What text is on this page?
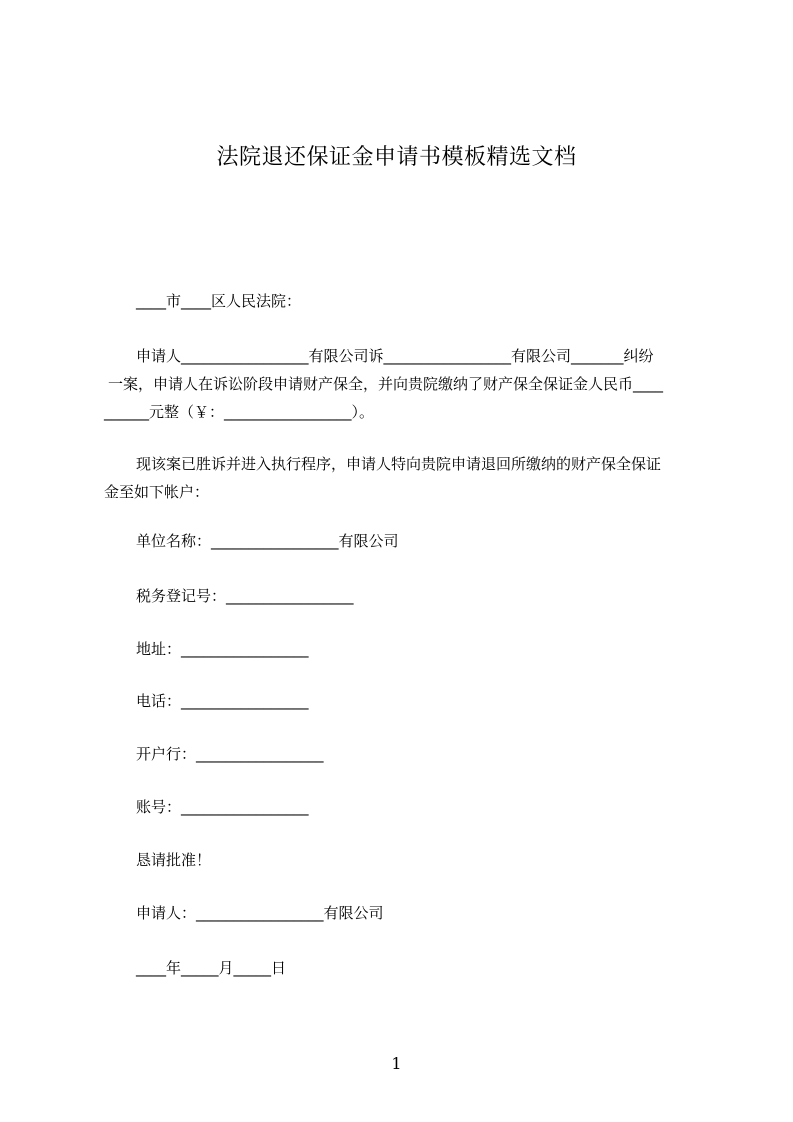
法院退还保证金申请书模板精选文档
____市____区人民法院：
申请人_________________有限公司诉_________________有限公司_______纠纷
一案，申请人在诉讼阶段申请财产保全，并向贵院缴纳了财产保全保证金人民币____
______元整（￥：_________________）。
现该案已胜诉并进入执行程序，申请人特向贵院申请退回所缴纳的财产保全保证
金至如下帐户：
单位名称：_________________有限公司
税务登记号：_________________
地址：_________________
电话：_________________
开户行：_________________
账号：_________________
恳请批准！
申请人：_________________有限公司
____年_____月_____日
1
